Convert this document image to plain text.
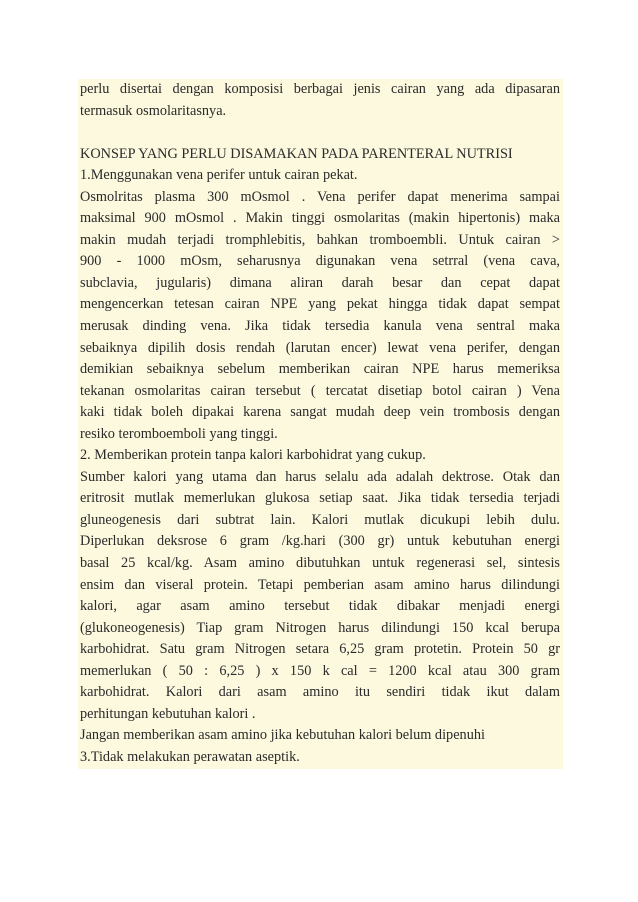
perlu disertai dengan komposisi berbagai jenis cairan yang ada dipasaran
termasuk osmolaritasnya.
KONSEP YANG PERLU DISAMAKAN PADA PARENTERAL NUTRISI
1.Menggunakan vena perifer untuk cairan pekat.
Osmolritas plasma 300 mOsmol . Vena perifer dapat menerima sampai
maksimal 900 mOsmol . Makin tinggi osmolaritas (makin hipertonis) maka
makin mudah terjadi tromphlebitis, bahkan tromboembli. Untuk cairan >
900 - 1000 mOsm, seharusnya digunakan vena setrral (vena cava,
subclavia, jugularis) dimana aliran darah besar dan cepat dapat
mengencerkan tetesan cairan NPE yang pekat hingga tidak dapat sempat
merusak dinding vena. Jika tidak tersedia kanula vena sentral maka
sebaiknya dipilih dosis rendah (larutan encer) lewat vena perifer, dengan
demikian sebaiknya sebelum memberikan cairan NPE harus memeriksa
tekanan osmolaritas cairan tersebut ( tercatat disetiap botol cairan ) Vena
kaki tidak boleh dipakai karena sangat mudah deep vein trombosis dengan
resiko teromboemboli yang tinggi.
2. Memberikan protein tanpa kalori karbohidrat yang cukup.
Sumber kalori yang utama dan harus selalu ada adalah dektrose. Otak dan
eritrosit mutlak memerlukan glukosa setiap saat. Jika tidak tersedia terjadi
gluneogenesis dari subtrat lain. Kalori mutlak dicukupi lebih dulu.
Diperlukan deksrose 6 gram /kg.hari (300 gr) untuk kebutuhan energi
basal 25 kcal/kg. Asam amino dibutuhkan untuk regenerasi sel, sintesis
ensim dan viseral protein. Tetapi pemberian asam amino harus dilindungi
kalori, agar asam amino tersebut tidak dibakar menjadi energi
(glukoneogenesis) Tiap gram Nitrogen harus dilindungi 150 kcal berupa
karbohidrat. Satu gram Nitrogen setara 6,25 gram protetin. Protein 50 gr
memerlukan ( 50 : 6,25 ) x 150 k cal = 1200 kcal atau 300 gram
karbohidrat. Kalori dari asam amino itu sendiri tidak ikut dalam
perhitungan kebutuhan kalori .
Jangan memberikan asam amino jika kebutuhan kalori belum dipenuhi
3.Tidak melakukan perawatan aseptik.
